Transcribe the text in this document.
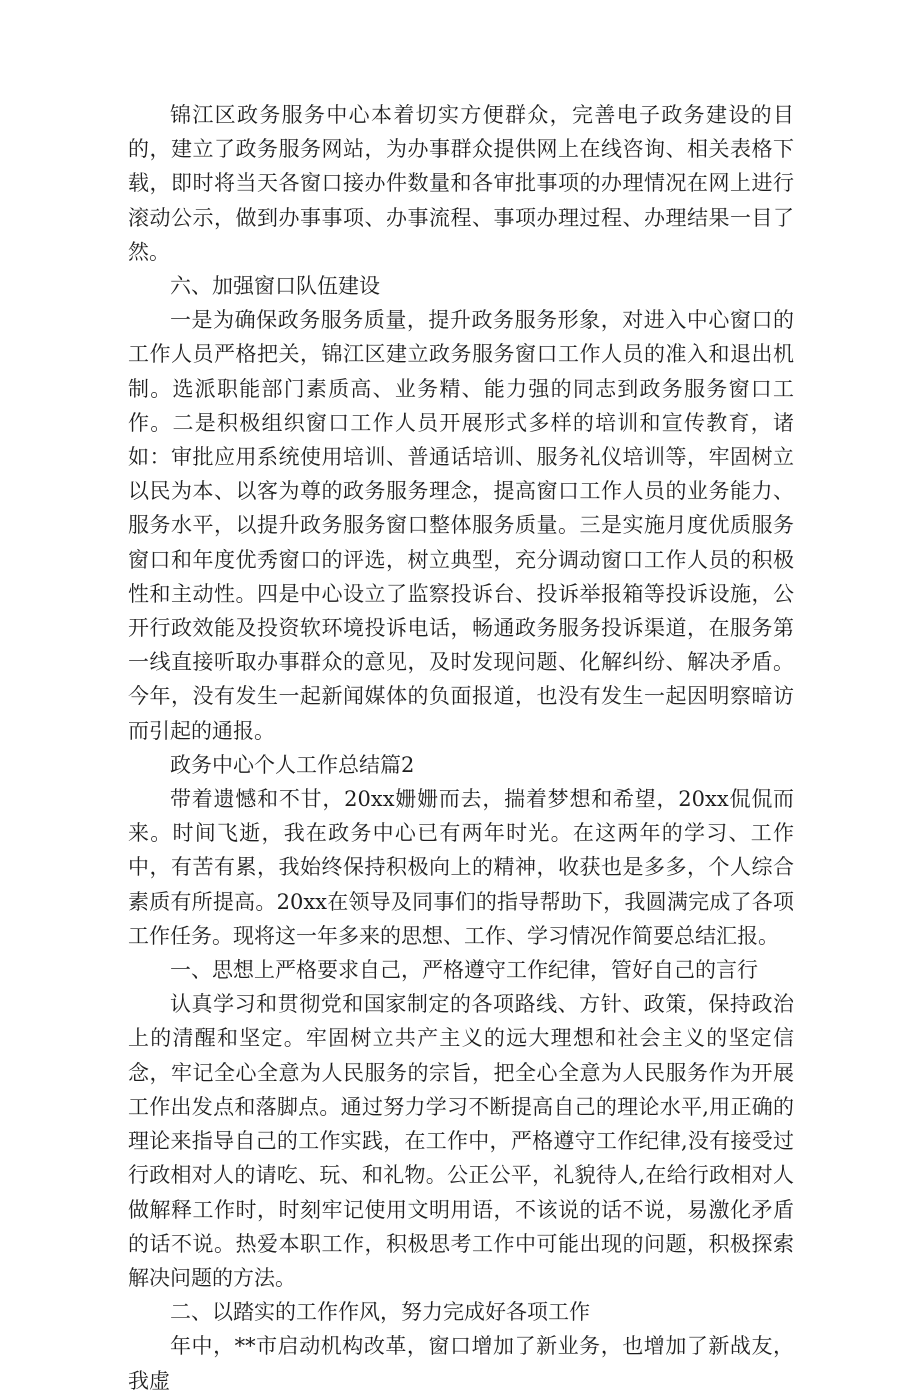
锦江区政务服务中心本着切实方便群众，完善电子政务建设的目的，建立了政务服务网站，为办事群众提供网上在线咨询、相关表格下载，即时将当天各窗口接办件数量和各审批事项的办理情况在网上进行滚动公示，做到办事事项、办事流程、事项办理过程、办理结果一目了然。

六、加强窗口队伍建设

一是为确保政务服务质量，提升政务服务形象，对进入中心窗口的工作人员严格把关，锦江区建立政务服务窗口工作人员的准入和退出机制。选派职能部门素质高、业务精、能力强的同志到政务服务窗口工作。二是积极组织窗口工作人员开展形式多样的培训和宣传教育，诸如：审批应用系统使用培训、普通话培训、服务礼仪培训等，牢固树立以民为本、以客为尊的政务服务理念，提高窗口工作人员的业务能力、服务水平，以提升政务服务窗口整体服务质量。三是实施月度优质服务窗口和年度优秀窗口的评选，树立典型，充分调动窗口工作人员的积极性和主动性。四是中心设立了监察投诉台、投诉举报箱等投诉设施，公开行政效能及投资软环境投诉电话，畅通政务服务投诉渠道，在服务第一线直接听取办事群众的意见，及时发现问题、化解纠纷、解决矛盾。今年，没有发生一起新闻媒体的负面报道，也没有发生一起因明察暗访而引起的通报。

政务中心个人工作总结篇2

带着遗憾和不甘，20xx姗姗而去，揣着梦想和希望，20xx侃侃而来。时间飞逝，我在政务中心已有两年时光。在这两年的学习、工作中，有苦有累，我始终保持积极向上的精神，收获也是多多，个人综合素质有所提高。20xx在领导及同事们的指导帮助下，我圆满完成了各项工作任务。现将这一年多来的思想、工作、学习情况作简要总结汇报。

一、思想上严格要求自己，严格遵守工作纪律，管好自己的言行

认真学习和贯彻党和国家制定的各项路线、方针、政策，保持政治上的清醒和坚定。牢固树立共产主义的远大理想和社会主义的坚定信念，牢记全心全意为人民服务的宗旨，把全心全意为人民服务作为开展工作出发点和落脚点。通过努力学习不断提高自己的理论水平,用正确的理论来指导自己的工作实践，在工作中，严格遵守工作纪律,没有接受过行政相对人的请吃、玩、和礼物。公正公平，礼貌待人,在给行政相对人做解释工作时，时刻牢记使用文明用语，不该说的话不说，易激化矛盾的话不说。热爱本职工作，积极思考工作中可能出现的问题，积极探索解决问题的方法。

二、以踏实的工作作风，努力完成好各项工作

年中，**市启动机构改革，窗口增加了新业务，也增加了新战友，我虚
